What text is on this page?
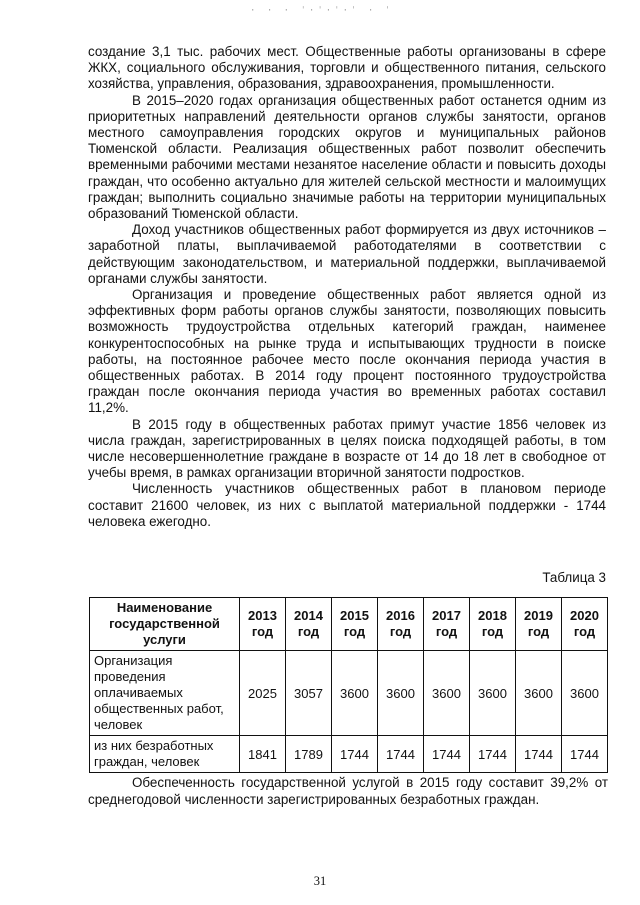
· · · ˈ·ˈ·ˈ·ˈ · ˈ

создание 3,1 тыс. рабочих мест. Общественные работы организованы в сфере ЖКХ, социального обслуживания, торговли и общественного питания, сельского хозяйства, управления, образования, здравоохранения, промышленности.

В 2015–2020 годах организация общественных работ останется одним из приоритетных направлений деятельности органов службы занятости, органов местного самоуправления городских округов и муниципальных районов Тюменской области. Реализация общественных работ позволит обеспечить временными рабочими местами незанятое население области и повысить доходы граждан, что особенно актуально для жителей сельской местности и малоимущих граждан; выполнить социально значимые работы на территории муниципальных образований Тюменской области.

Доход участников общественных работ формируется из двух источников – заработной платы, выплачиваемой работодателями в соответствии с действующим законодательством, и материальной поддержки, выплачиваемой органами службы занятости.

Организация и проведение общественных работ является одной из эффективных форм работы органов службы занятости, позволяющих повысить возможность трудоустройства отдельных категорий граждан, наименее конкурентоспособных на рынке труда и испытывающих трудности в поиске работы, на постоянное рабочее место после окончания периода участия в общественных работах. В 2014 году процент постоянного трудоустройства граждан после окончания периода участия во временных работах составил 11,2%.

В 2015 году в общественных работах примут участие 1856 человек из числа граждан, зарегистрированных в целях поиска подходящей работы, в том числе несовершеннолетние граждане в возрасте от 14 до 18 лет в свободное от учебы время, в рамках организации вторичной занятости подростков.

Численность участников общественных работ в плановом периоде составит 21600 человек, из них с выплатой материальной поддержки - 1744 человека ежегодно.

Таблица 3
Наименование государственной услуги	2013 год	2014 год	2015 год	2016 год	2017 год	2018 год	2019 год	2020 год
Организация проведения оплачиваемых общественных работ, человек	2025	3057	3600	3600	3600	3600	3600	3600
из них безработных граждан, человек	1841	1789	1744	1744	1744	1744	1744	1744

Обеспеченность государственной услугой в 2015 году составит 39,2% от среднегодовой численности зарегистрированных безработных граждан.

31
